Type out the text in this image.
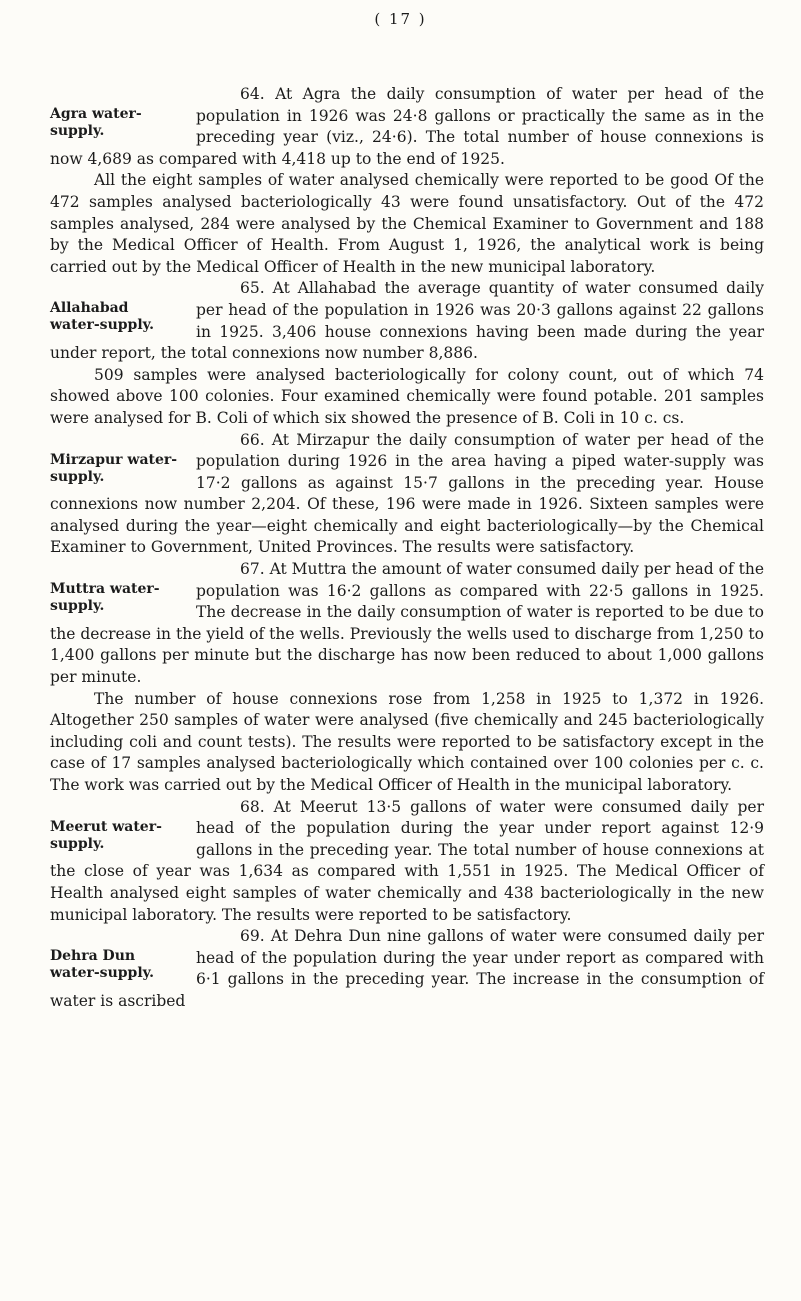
( 17 )
Agra water-supply.

64. At Agra the daily consumption of water per head of the population in 1926 was 24·8 gallons or practically the same as in the preceding year (viz., 24·6). The total number of house connexions is now 4,689 as compared with 4,418 up to the end of 1925.

All the eight samples of water analysed chemically were reported to be good Of the 472 samples analysed bacteriologically 43 were found unsatisfactory. Out of the 472 samples analysed, 284 were analysed by the Chemical Examiner to Government and 188 by the Medical Officer of Health. From August 1, 1926, the analytical work is being carried out by the Medical Officer of Health in the new municipal laboratory.

Allahabad water-supply.

65. At Allahabad the average quantity of water consumed daily per head of the population in 1926 was 20·3 gallons against 22 gallons in 1925. 3,406 house connexions having been made during the year under report, the total connexions now number 8,886.

509 samples were analysed bacteriologically for colony count, out of which 74 showed above 100 colonies. Four examined chemically were found potable. 201 samples were analysed for B. Coli of which six showed the presence of B. Coli in 10 c. cs.

Mirzapur water-supply.

66. At Mirzapur the daily consumption of water per head of the population during 1926 in the area having a piped water-supply was 17·2 gallons as against 15·7 gallons in the preceding year. House connexions now number 2,204. Of these, 196 were made in 1926. Sixteen samples were analysed during the year—eight chemically and eight bacteriologically—by the Chemical Examiner to Government, United Provinces. The results were satisfactory.

Muttra water-supply.

67. At Muttra the amount of water consumed daily per head of the population was 16·2 gallons as compared with 22·5 gallons in 1925. The decrease in the daily consumption of water is reported to be due to the decrease in the yield of the wells. Previously the wells used to discharge from 1,250 to 1,400 gallons per minute but the discharge has now been reduced to about 1,000 gallons per minute.

The number of house connexions rose from 1,258 in 1925 to 1,372 in 1926. Altogether 250 samples of water were analysed (five chemically and 245 bacteriologically including coli and count tests). The results were reported to be satisfactory except in the case of 17 samples analysed bacteriologically which contained over 100 colonies per c. c. The work was carried out by the Medical Officer of Health in the municipal laboratory.

Meerut water-supply.

68. At Meerut 13·5 gallons of water were consumed daily per head of the population during the year under report against 12·9 gallons in the preceding year. The total number of house connexions at the close of year was 1,634 as compared with 1,551 in 1925. The Medical Officer of Health analysed eight samples of water chemically and 438 bacteriologically in the new municipal laboratory. The results were reported to be satisfactory.

Dehra Dun water-supply.

69. At Dehra Dun nine gallons of water were consumed daily per head of the population during the year under report as compared with 6·1 gallons in the preceding year. The increase in the consumption of water is ascribed
